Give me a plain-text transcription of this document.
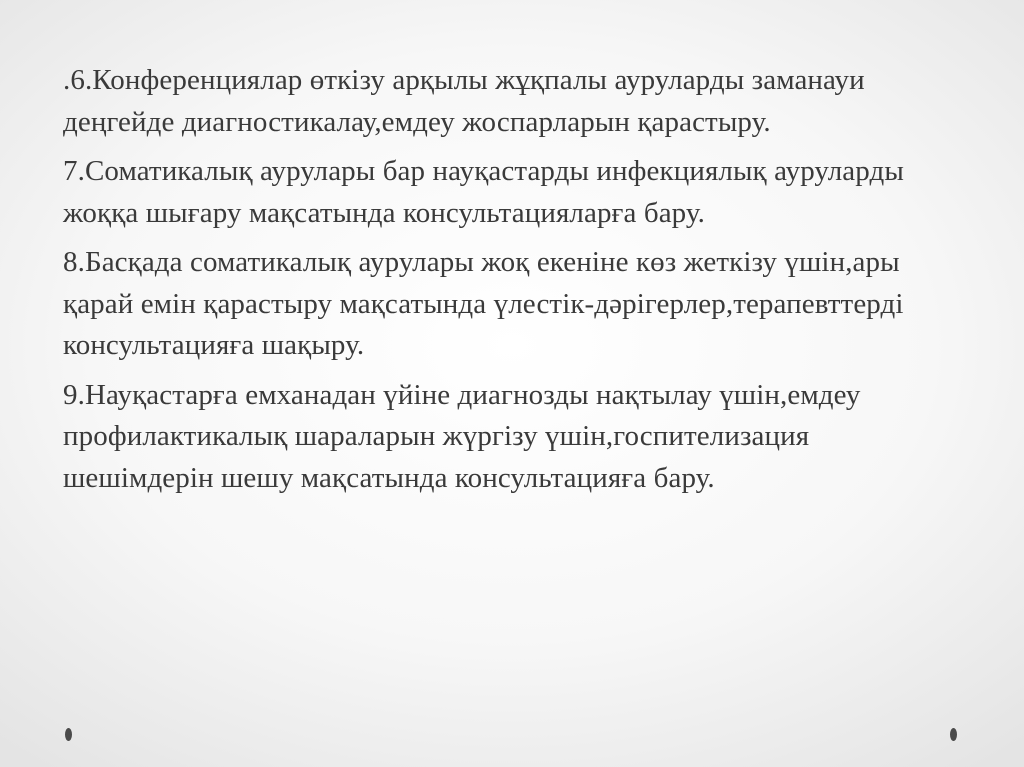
.6.Конференциялар өткізу арқылы жұқпалы ауруларды заманауи деңгейде диагностикалау,емдеу жоспарларын қарастыру.

7.Соматикалық аурулары бар науқастарды инфекциялық ауруларды жоққа шығару мақсатында консультацияларға бару.

8.Басқада соматикалық аурулары жоқ екеніне көз жеткізу үшін,ары қарай емін қарастыру мақсатында үлестік-дәрігерлер,терапевттерді консультацияға шақыру.

9.Науқастарға емханадан үйіне диагнозды нақтылау үшін,емдеу профилактикалық шараларын жүргізу үшін,госпителизация шешімдерін шешу мақсатында консультацияға бару.
